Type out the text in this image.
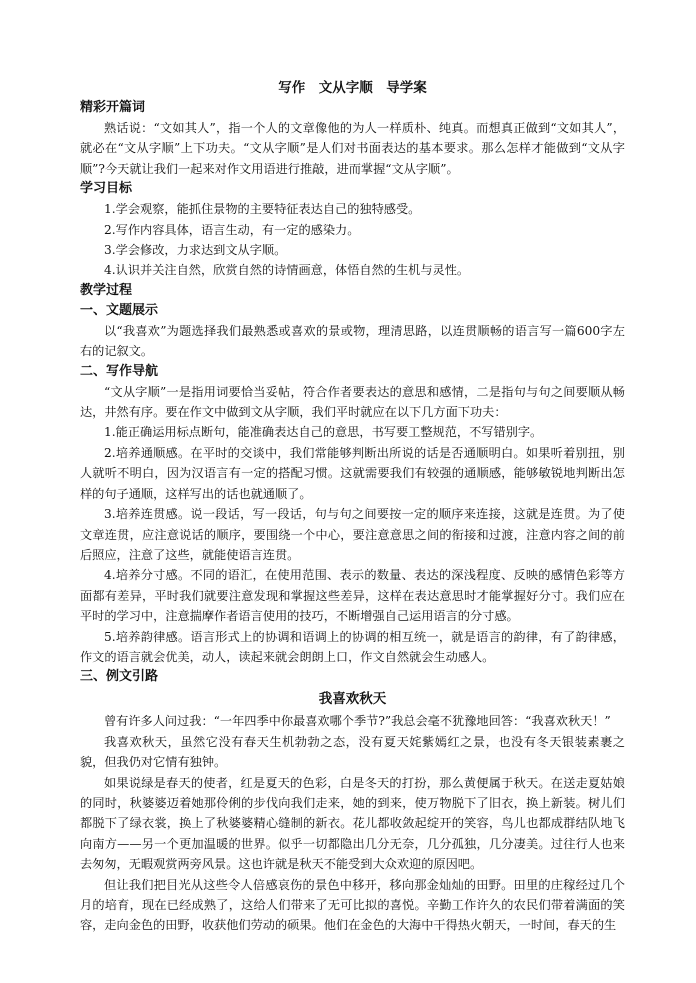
写作　文从字顺　导学案

精彩开篇词

熟话说：“文如其人”，指一个人的文章像他的为人一样质朴、纯真。而想真正做到“文如其人”，就必在“文从字顺”上下功夫。“文从字顺”是人们对书面表达的基本要求。那么怎样才能做到“文从字顺”?今天就让我们一起来对作文用语进行推敲，进而掌握“文从字顺”。

学习目标

1.学会观察，能抓住景物的主要特征表达自己的独特感受。

2.写作内容具体，语言生动，有一定的感染力。

3.学会修改，力求达到文从字顺。

4.认识并关注自然，欣赏自然的诗情画意，体悟自然的生机与灵性。

教学过程

一、文题展示

以“我喜欢”为题选择我们最熟悉或喜欢的景或物，理清思路，以连贯顺畅的语言写一篇600字左右的记叙文。

二、写作导航

“文从字顺”一是指用词要恰当妥帖，符合作者要表达的意思和感情，二是指句与句之间要顺从畅达，井然有序。要在作文中做到文从字顺，我们平时就应在以下几方面下功夫：

1.能正确运用标点断句，能准确表达自己的意思，书写要工整规范，不写错别字。

2.培养通顺感。在平时的交谈中，我们常能够判断出所说的话是否通顺明白。如果听着别扭，别人就听不明白，因为汉语言有一定的搭配习惯。这就需要我们有较强的通顺感，能够敏锐地判断出怎样的句子通顺，这样写出的话也就通顺了。

3.培养连贯感。说一段话，写一段话，句与句之间要按一定的顺序来连接，这就是连贯。为了使文章连贯，应注意说话的顺序，要围绕一个中心，要注意意思之间的衔接和过渡，注意内容之间的前后照应，注意了这些，就能使语言连贯。

4.培养分寸感。不同的语汇，在使用范围、表示的数量、表达的深浅程度、反映的感情色彩等方面都有差异，平时我们就要注意发现和掌握这些差异，这样在表达意思时才能掌握好分寸。我们应在平时的学习中，注意揣摩作者语言使用的技巧，不断增强自己运用语言的分寸感。

5.培养韵律感。语言形式上的协调和语调上的协调的相互统一，就是语言的韵律，有了韵律感，作文的语言就会优美，动人，读起来就会朗朗上口，作文自然就会生动感人。

三、例文引路

我喜欢秋天

曾有许多人问过我：“一年四季中你最喜欢哪个季节?”我总会毫不犹豫地回答：“我喜欢秋天！”

我喜欢秋天，虽然它没有春天生机勃勃之态，没有夏天姹紫嫣红之景，也没有冬天银装素裹之貌，但我仍对它情有独钟。

如果说绿是春天的使者，红是夏天的色彩，白是冬天的打扮，那么黄便属于秋天。在送走夏姑娘的同时，秋婆婆迈着她那伶俐的步伐向我们走来，她的到来，使万物脱下了旧衣，换上新装。树儿们都脱下了绿衣裳，换上了秋婆婆精心缝制的新衣。花儿都收敛起绽开的笑容，鸟儿也都成群结队地飞向南方——另一个更加温暖的世界。似乎一切都隐出几分无奈，几分孤独，几分凄美。过往行人也来去匆匆，无暇观赏两旁风景。这也许就是秋天不能受到大众欢迎的原因吧。

但让我们把目光从这些令人倍感哀伤的景色中移开，移向那金灿灿的田野。田里的庄稼经过几个月的培育，现在已经成熟了，这给人们带来了无可比拟的喜悦。辛勤工作许久的农民们带着满面的笑容，走向金色的田野，收获他们劳动的硕果。他们在金色的大海中干得热火朝天，一时间，春天的生
